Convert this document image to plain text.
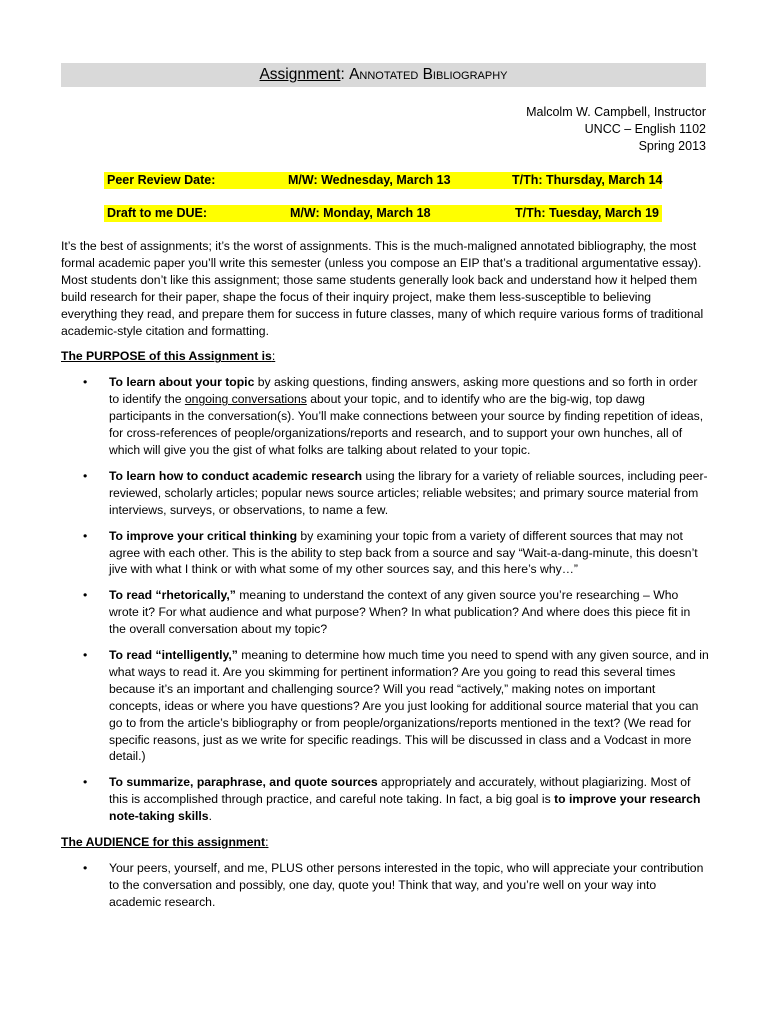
Assignment: Annotated Bibliography
Malcolm W. Campbell, Instructor
UNCC – English 1102
Spring 2013
Peer Review Date:	M/W: Wednesday, March 13	T/Th: Thursday, March 14
Draft to me DUE:	M/W: Monday, March 18	T/Th: Tuesday, March 19

It’s the best of assignments; it’s the worst of assignments. This is the much-maligned annotated bibliography, the most formal academic paper you’ll write this semester (unless you compose an EIP that’s a traditional argumentative essay). Most students don’t like this assignment; those same students generally look back and understand how it helped them build research for their paper, shape the focus of their inquiry project, make them less-susceptible to believing everything they read, and prepare them for success in future classes, many of which require various forms of traditional academic-style citation and formatting.

The PURPOSE of this Assignment is:

• To learn about your topic by asking questions, finding answers, asking more questions and so forth in order to identify the ongoing conversations about your topic, and to identify who are the big-wig, top dawg participants in the conversation(s). You’ll make connections between your source by finding repetition of ideas, for cross-references of people/organizations/reports and research, and to support your own hunches, all of which will give you the gist of what folks are talking about related to your topic.
• To learn how to conduct academic research using the library for a variety of reliable sources, including peer-reviewed, scholarly articles; popular news source articles; reliable websites; and primary source material from interviews, surveys, or observations, to name a few.
• To improve your critical thinking by examining your topic from a variety of different sources that may not agree with each other. This is the ability to step back from a source and say “Wait-a-dang-minute, this doesn’t jive with what I think or with what some of my other sources say, and this here’s why…”
• To read “rhetorically,” meaning to understand the context of any given source you’re researching – Who wrote it? For what audience and what purpose? When? In what publication? And where does this piece fit in the overall conversation about my topic?
• To read “intelligently,” meaning to determine how much time you need to spend with any given source, and in what ways to read it. Are you skimming for pertinent information? Are you going to read this several times because it’s an important and challenging source? Will you read “actively,” making notes on important concepts, ideas or where you have questions? Are you just looking for additional source material that you can go to from the article’s bibliography or from people/organizations/reports mentioned in the text? (We read for specific reasons, just as we write for specific readings. This will be discussed in class and a Vodcast in more detail.)
• To summarize, paraphrase, and quote sources appropriately and accurately, without plagiarizing. Most of this is accomplished through practice, and careful note taking. In fact, a big goal is to improve your research note-taking skills.

The AUDIENCE for this assignment:

• Your peers, yourself, and me, PLUS other persons interested in the topic, who will appreciate your contribution to the conversation and possibly, one day, quote you! Think that way, and you’re well on your way into academic research.
